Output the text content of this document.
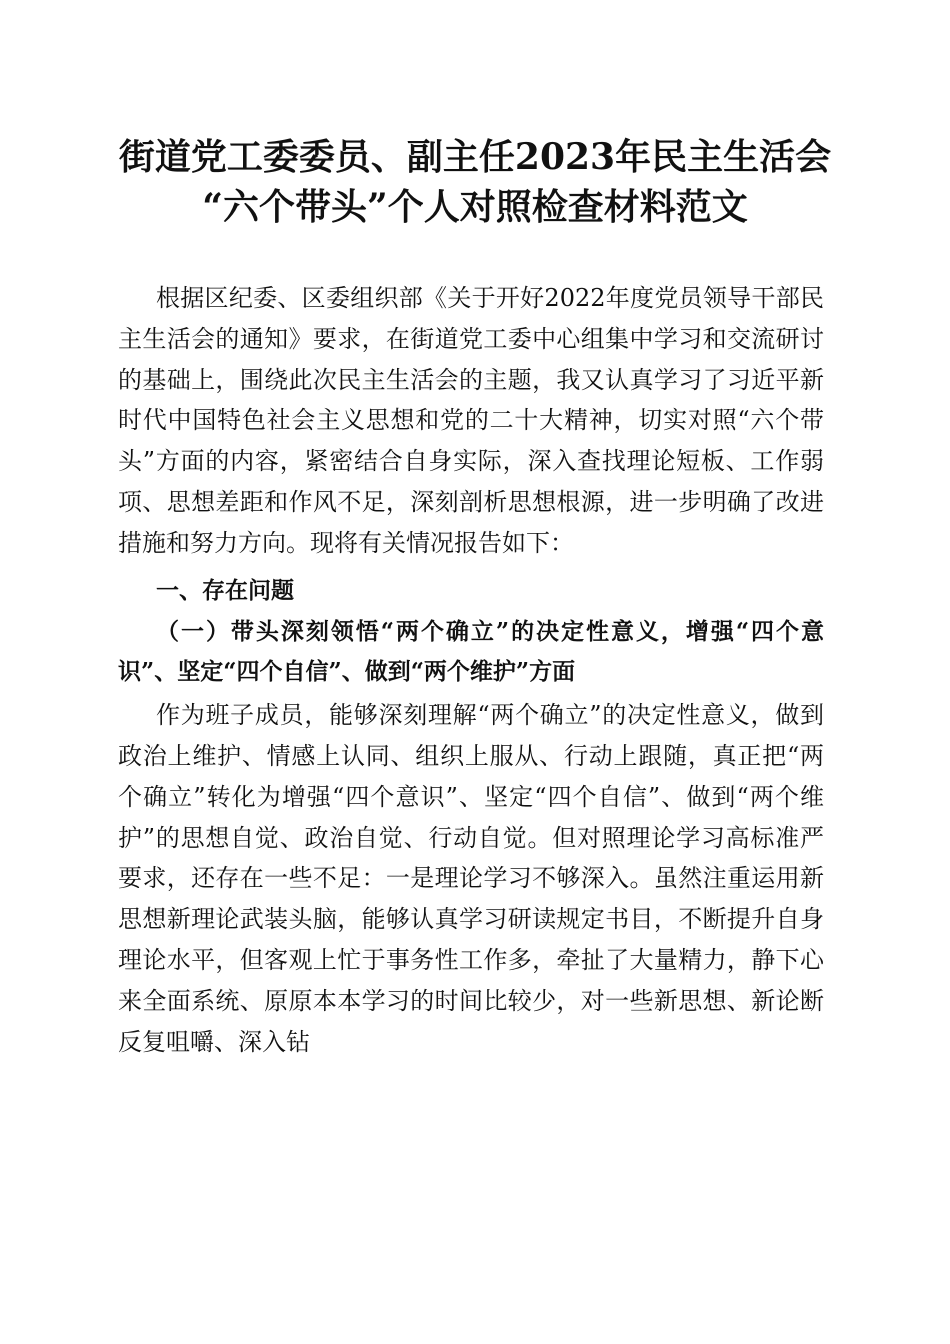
街道党工委委员、副主任2023年民主生活会
“六个带头”个人对照检查材料范文

根据区纪委、区委组织部《关于开好2022年度党员领导干部民主生活会的通知》要求，在街道党工委中心组集中学习和交流研讨的基础上，围绕此次民主生活会的主题，我又认真学习了习近平新时代中国特色社会主义思想和党的二十大精神，切实对照“六个带头”方面的内容，紧密结合自身实际，深入查找理论短板、工作弱项、思想差距和作风不足，深刻剖析思想根源，进一步明确了改进措施和努力方向。现将有关情况报告如下：

一、存在问题
（一）带头深刻领悟“两个确立”的决定性意义，增强“四个意识”、坚定“四个自信”、做到“两个维护”方面

作为班子成员，能够深刻理解“两个确立”的决定性意义，做到政治上维护、情感上认同、组织上服从、行动上跟随，真正把“两个确立”转化为增强“四个意识”、坚定“四个自信”、做到“两个维护”的思想自觉、政治自觉、行动自觉。但对照理论学习高标准严要求，还存在一些不足：一是理论学习不够深入。虽然注重运用新思想新理论武装头脑，能够认真学习研读规定书目，不断提升自身理论水平，但客观上忙于事务性工作多，牵扯了大量精力，静下心来全面系统、原原本本学习的时间比较少，对一些新思想、新论断反复咀嚼、深入钻
